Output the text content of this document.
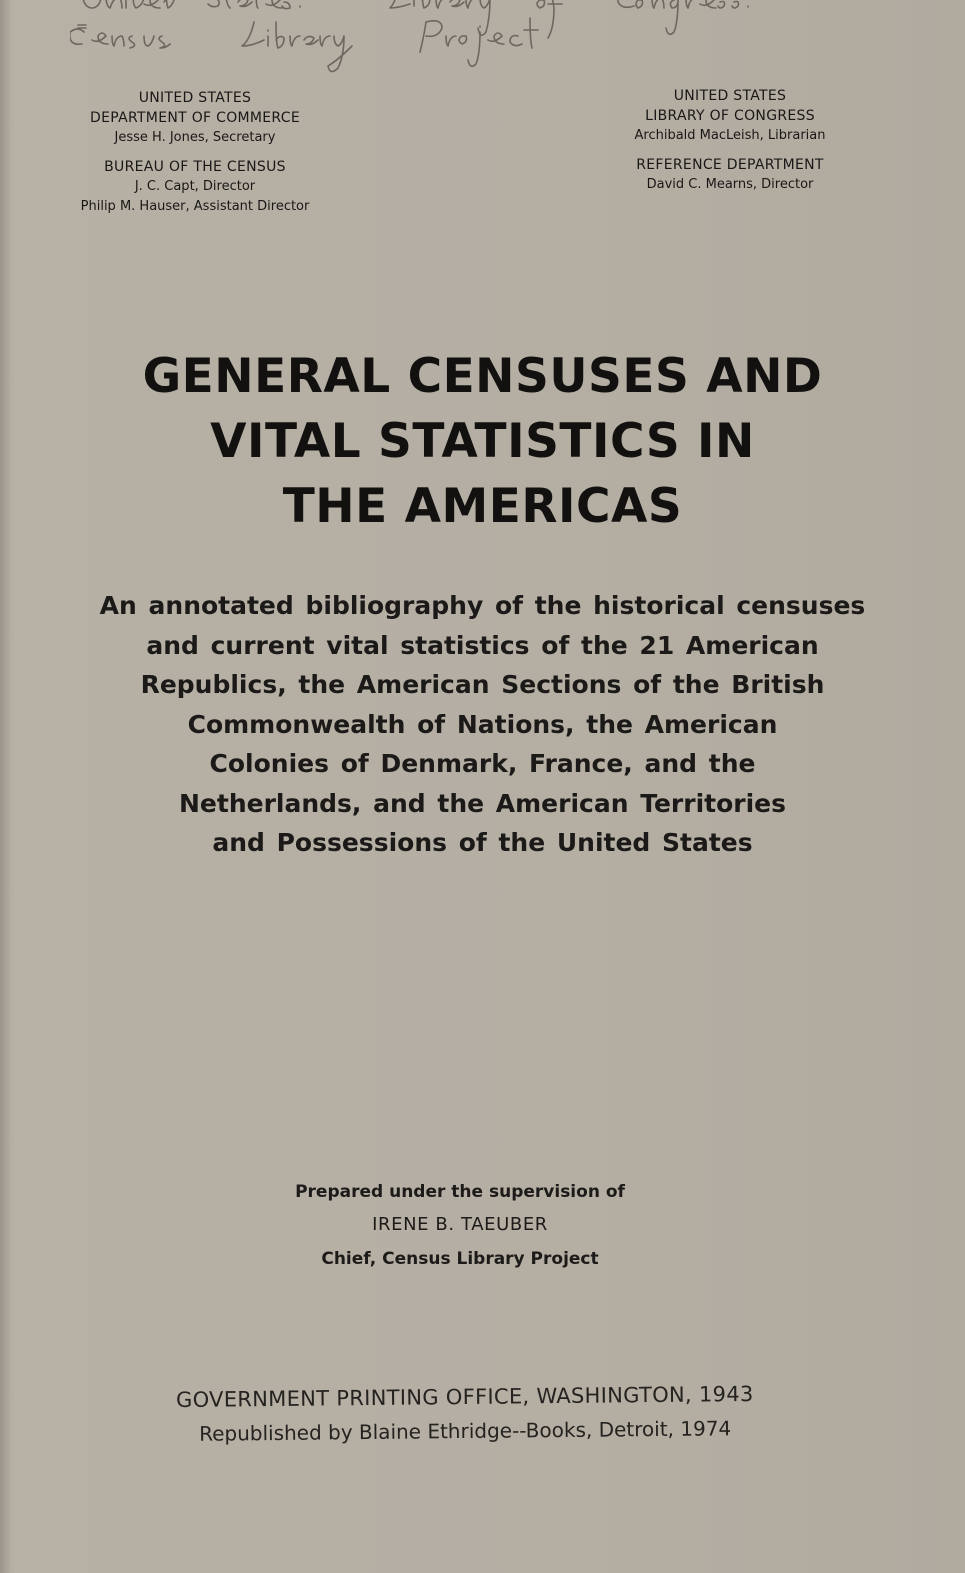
UNITED STATES
DEPARTMENT OF COMMERCE
Jesse H. Jones, Secretary
BUREAU OF THE CENSUS
J. C. Capt, Director
Philip M. Hauser, Assistant Director
UNITED STATES
LIBRARY OF CONGRESS
Archibald MacLeish, Librarian
REFERENCE DEPARTMENT
David C. Mearns, Director
GENERAL CENSUSES AND
VITAL STATISTICS IN
THE AMERICAS
An annotated bibliography of the historical censuses
and current vital statistics of the 21 American
Republics, the American Sections of the British
Commonwealth of Nations, the American
Colonies of Denmark, France, and the
Netherlands, and the American Territories
and Possessions of the United States
Prepared under the supervision of
IRENE B. TAEUBER
Chief, Census Library Project
GOVERNMENT PRINTING OFFICE, WASHINGTON, 1943
Republished by Blaine Ethridge--Books, Detroit, 1974
